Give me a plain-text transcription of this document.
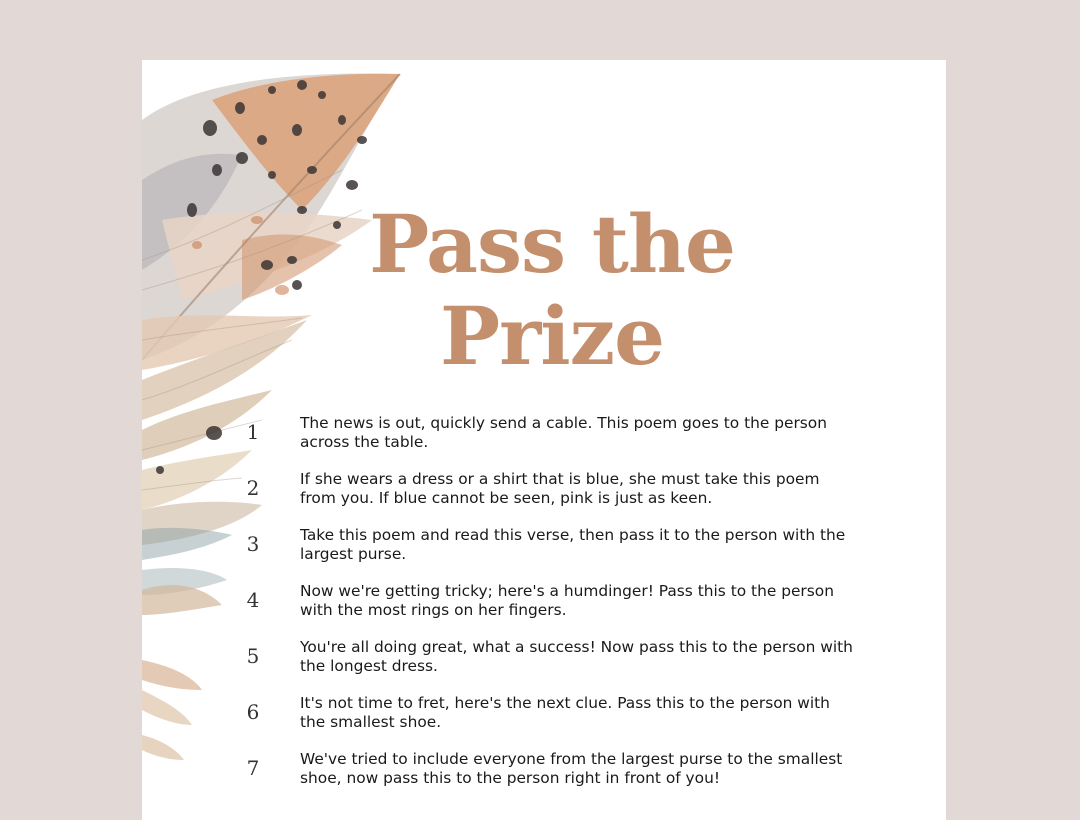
Pass the
Prize
1	The news is out, quickly send a cable. This poem goes to the person across the table.
2	If she wears a dress or a shirt that is blue, she must take this poem from you. If blue cannot be seen, pink is just as keen.
3	Take this poem and read this verse, then pass it to the person with the largest purse.
4	Now we're getting tricky; here's a humdinger! Pass this to the person with the most rings on her fingers.
5	You're all doing great, what a success! Now pass this to the person with the longest dress.
6	It's not time to fret, here's the next clue. Pass this to the person with the smallest shoe.
7	We've tried to include everyone from the largest purse to the smallest shoe, now pass this to the person right in front of you!
